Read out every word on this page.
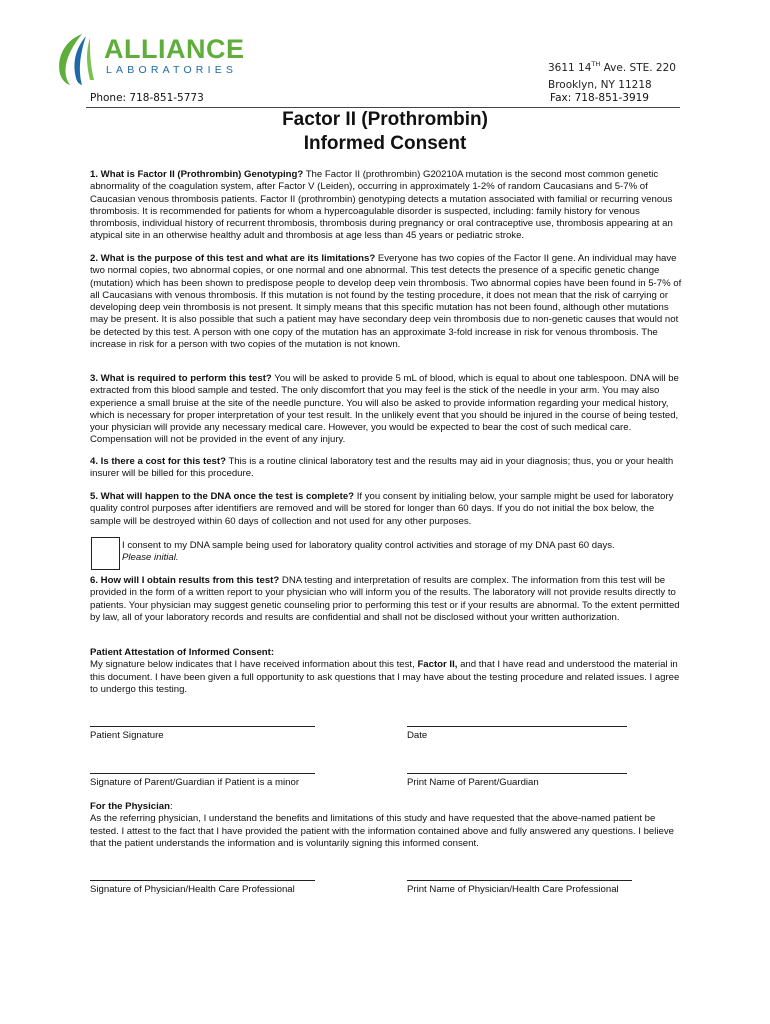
ALLIANCE
LABORATORIES	3611 14TH Ave. STE. 220
Brooklyn, NY 11218
Phone: 718-851-5773	Fax: 718-851-3919
Factor II (Prothrombin)
Informed Consent

1. What is Factor II (Prothrombin) Genotyping? The Factor II (prothrombin) G20210A mutation is the second most common genetic abnormality of the coagulation system, after Factor V (Leiden), occurring in approximately 1-2% of random Caucasians and 5-7% of Caucasian venous thrombosis patients. Factor II (prothrombin) genotyping detects a mutation associated with familial or recurring venous thrombosis. It is recommended for patients for whom a hypercoagulable disorder is suspected, including: family history for venous thrombosis, individual history of recurrent thrombosis, thrombosis during pregnancy or oral contraceptive use, thrombosis appearing at an atypical site in an otherwise healthy adult and thrombosis at age less than 45 years or pediatric stroke.

2. What is the purpose of this test and what are its limitations? Everyone has two copies of the Factor II gene. An individual may have two normal copies, two abnormal copies, or one normal and one abnormal. This test detects the presence of a specific genetic change (mutation) which has been shown to predispose people to develop deep vein thrombosis. Two abnormal copies have been found in 5-7% of all Caucasians with venous thrombosis. If this mutation is not found by the testing procedure, it does not mean that the risk of carrying or developing deep vein thrombosis is not present. It simply means that this specific mutation has not been found, although other mutations may be present. It is also possible that such a patient may have secondary deep vein thrombosis due to non-genetic causes that would not be detected by this test. A person with one copy of the mutation has an approximate 3-fold increase in risk for venous thrombosis. The increase in risk for a person with two copies of the mutation is not known.

3. What is required to perform this test? You will be asked to provide 5 mL of blood, which is equal to about one tablespoon. DNA will be extracted from this blood sample and tested. The only discomfort that you may feel is the stick of the needle in your arm. You may also experience a small bruise at the site of the needle puncture. You will also be asked to provide information regarding your medical history, which is necessary for proper interpretation of your test result. In the unlikely event that you should be injured in the course of being tested, your physician will provide any necessary medical care. However, you would be expected to bear the cost of such medical care. Compensation will not be provided in the event of any injury.

4. Is there a cost for this test? This is a routine clinical laboratory test and the results may aid in your diagnosis; thus, you or your health insurer will be billed for this procedure.

5. What will happen to the DNA once the test is complete? If you consent by initialing below, your sample might be used for laboratory quality control purposes after identifiers are removed and will be stored for longer than 60 days. If you do not initial the box below, the sample will be destroyed within 60 days of collection and not used for any other purposes.

I consent to my DNA sample being used for laboratory quality control activities and storage of my DNA past 60 days.
Please initial.

6. How will I obtain results from this test? DNA testing and interpretation of results are complex. The information from this test will be provided in the form of a written report to your physician who will inform you of the results. The laboratory will not provide results directly to patients. Your physician may suggest genetic counseling prior to performing this test or if your results are abnormal. To the extent permitted by law, all of your laboratory records and results are confidential and shall not be disclosed without your written authorization.

Patient Attestation of Informed Consent:

My signature below indicates that I have received information about this test, Factor II, and that I have read and understood the material in this document. I have been given a full opportunity to ask questions that I may have about the testing procedure and related issues. I agree to undergo this testing.

Patient Signature	Date
Signature of Parent/Guardian if Patient is a minor	Print Name of Parent/Guardian

For the Physician:

As the referring physician, I understand the benefits and limitations of this study and have requested that the above-named patient be tested. I attest to the fact that I have provided the patient with the information contained above and fully answered any questions. I believe that the patient understands the information and is voluntarily signing this informed consent.

Signature of Physician/Health Care Professional	Print Name of Physician/Health Care Professional
